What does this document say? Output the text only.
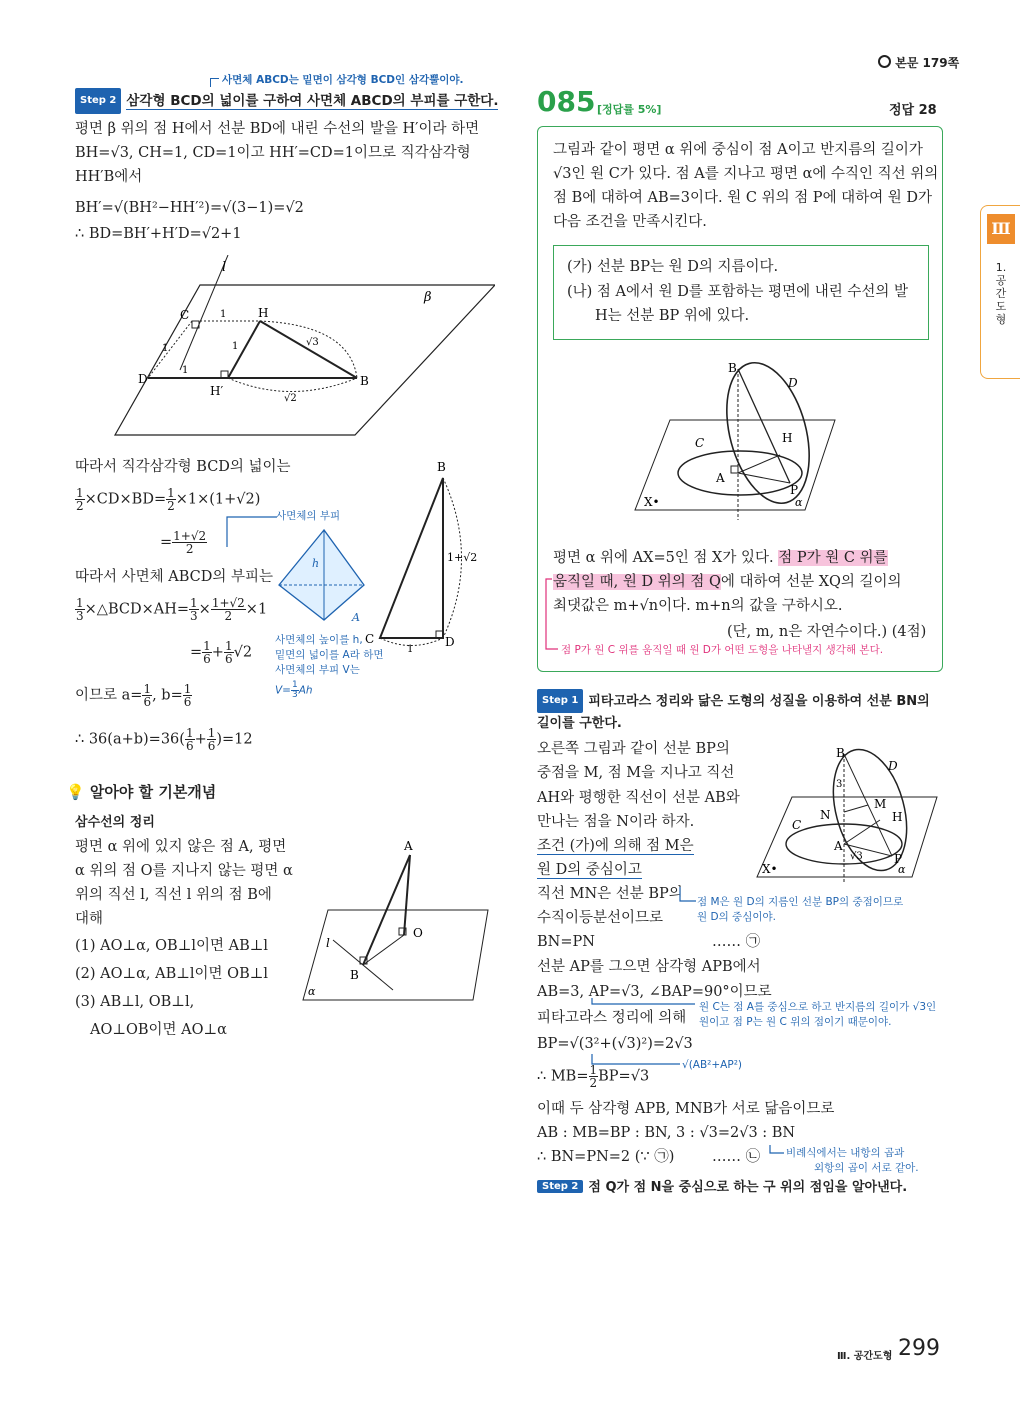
본문 179쪽
Ⅲ
1. 공간도형
사면체 ABCD는 밑면이 삼각형 BCD인 삼각뿔이야.
Step 2 삼각형 BCD의 넓이를 구하여 사면체 ABCD의 부피를 구한다.
평면 β 위의 점 H에서 선분 BD에 내린 수선의 발을 H′이라 하면
BH=√3, CH=1, CD=1이고 HH′=CD=1이므로 직각삼각형
HH′B에서
BH′=√(BH²−HH′²)=√(3−1)=√2
∴ BD=BH′+H′D=√2+1
l
β
C	H
D
H′
B
1
1	1
1
√3
√2
따라서 직각삼각형 BCD의 넓이는
$\frac{1}{2} \times CD\times BD= \frac{1}{2} \times 1\times(1+√2)$
= $\frac{1+√2}{2}$
사면체의 부피
따라서 사면체 ABCD의 부피는
$\frac{1}{3}$ ×△BCD×AH= $\frac{1}{3} \times \frac{1+√2}{2} \times 1$
= $\frac{1}{6} + \frac{1}{6} √2$
이므로 $a= \frac{1}{6}$ , $b= \frac{1}{6}$
∴ $36(a+b)=36( \frac{1}{6} + \frac{1}{6} )=12$
h
A
사면체의 높이를 h,
밑면의 넓이를 A라 하면
사면체의 부피 V는
$V= \frac{1}{3}$ Ah
B
C	D
1
1+√2
💡 알아야 할 기본개념
삼수선의 정리
평면 α 위에 있지 않은 점 A, 평면
α 위의 점 O를 지나지 않는 평면 α
위의 직선 l, 직선 l 위의 점 B에
대해
(1) AO⊥α, OB⊥l이면 AB⊥l
(2) AO⊥α, AB⊥l이면 OB⊥l
(3) AB⊥l, OB⊥l,
AO⊥OB이면 AO⊥α
A
O
B
l
α
085 [정답률 5%]	정답 28
그림과 같이 평면 α 위에 중심이 점 A이고 반지름의 길이가
√3인 원 C가 있다. 점 A를 지나고 평면 α에 수직인 직선 위의
점 B에 대하여 AB=3이다. 원 C 위의 점 P에 대하여 원 D가
다음 조건을 만족시킨다.
(가) 선분 BP는 원 D의 지름이다.
(나) 점 A에서 원 D를 포함하는 평면에 내린 수선의 발
H는 선분 BP 위에 있다.
B
D
C	H
A
P
X•	α
평면 α 위에 AX=5인 점 X가 있다. 점 P가 원 C 위를
움직일 때, 원 D 위의 점 Q에 대하여 선분 XQ의 길이의
최댓값은 m+√n이다. m+n의 값을 구하시오.
(단, m, n은 자연수이다.) (4점)
점 P가 원 C 위를 움직일 때 원 D가 어떤 도형을 나타낼지 생각해 본다.
Step 1 피타고라스 정리와 닮은 도형의 성질을 이용하여 선분 BN의
길이를 구한다.
오른쪽 그림과 같이 선분 BP의
중점을 M, 점 M을 지나고 직선
AH와 평행한 직선이 선분 AB와
만나는 점을 N이라 하자.
조건 (가)에 의해 점 M은
원 D의 중심이고
직선 MN은 선분 BP의
수직이등분선이므로
BN=PN	…… ㉠
점 M은 원 D의 지름인 선분 BP의 중점이므로
원 D의 중심이야.
B
D
N
M
H
C
A
P
X•	α
3
√3
선분 AP를 그으면 삼각형 APB에서
AB=3, AP=√3, ∠BAP=90°이므로
피타고라스 정리에 의해
원 C는 점 A를 중심으로 하고 반지름의 길이가 √3인
원이고 점 P는 원 C 위의 점이기 때문이야.
BP=√(3²+(√3)²)=2√3
√(AB²+AP²)
∴ $MB= \frac{1}{2} BP=√3$
이때 두 삼각형 APB, MNB가 서로 닮음이므로
AB : MB=BP : BN, 3 : √3=2√3 : BN
∴ BN=PN=2 (∵ ㉠)	…… ㉡ 비례식에서는 내항의 곱과
외항의 곱이 서로 같아.
Step 2 점 Q가 점 N을 중심으로 하는 구 위의 점임을 알아낸다.
Ⅲ. 공간도형 299
